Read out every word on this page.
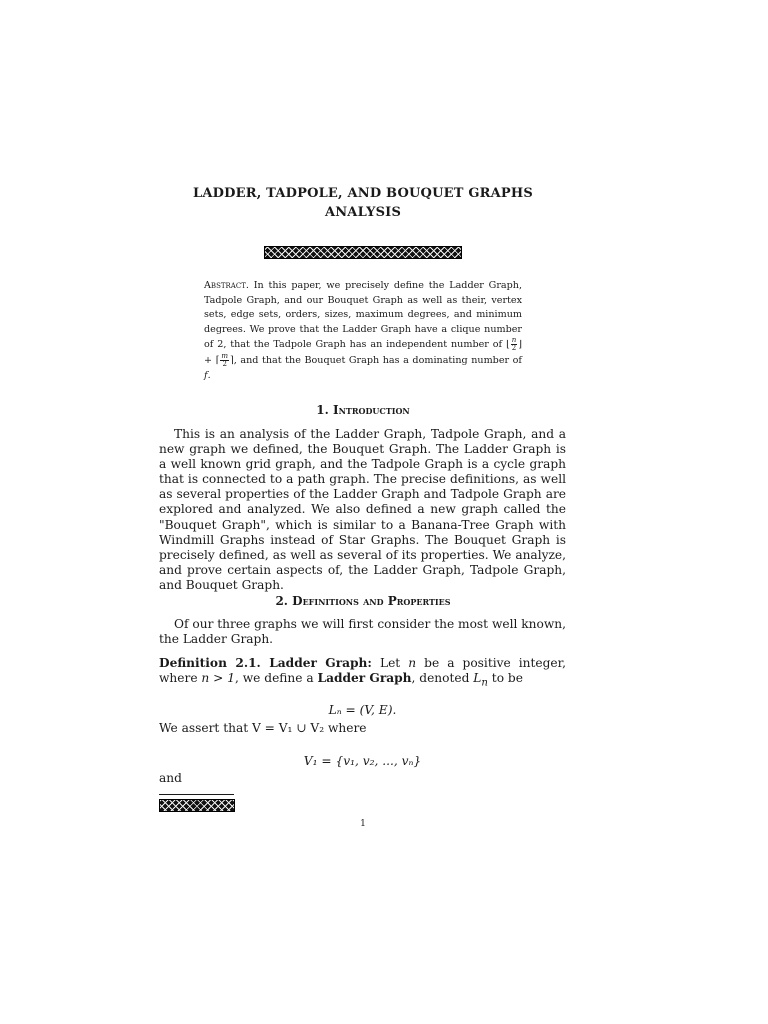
LADDER, TADPOLE, AND BOUQUET GRAPHS
ANALYSIS

Abstract. In this paper, we precisely define the Ladder Graph, Tadpole Graph, and our Bouquet Graph as well as their, vertex sets, edge sets, orders, sizes, maximum degrees, and minimum degrees. We prove that the Ladder Graph have a clique number of 2, that the Tadpole Graph has an independent number of ⌊ $\frac{n}{2}$ ⌋ + ⌈ $\frac{m}{2}$ ⌉, and that the Bouquet Graph has a dominating number of f.

1. Introduction

This is an analysis of the Ladder Graph, Tadpole Graph, and a new graph we defined, the Bouquet Graph. The Ladder Graph is a well known grid graph, and the Tadpole Graph is a cycle graph that is connected to a path graph. The precise definitions, as well as several properties of the Ladder Graph and Tadpole Graph are explored and analyzed. We also defined a new graph called the "Bouquet Graph", which is similar to a Banana-Tree Graph with Windmill Graphs instead of Star Graphs. The Bouquet Graph is precisely defined, as well as several of its properties. We analyze, and prove certain aspects of, the Ladder Graph, Tadpole Graph, and Bouquet Graph.

2. Definitions and Properties

Of our three graphs we will first consider the most well known, the Ladder Graph.

Definition 2.1. Ladder Graph: Let n be a positive integer, where n > 1, we define a Ladder Graph, denoted $L_n$ to be

Lₙ = (V, E).

We assert that V = V₁ ∪ V₂ where

V₁ = {v₁, v₂, ..., vₙ}

and

1
